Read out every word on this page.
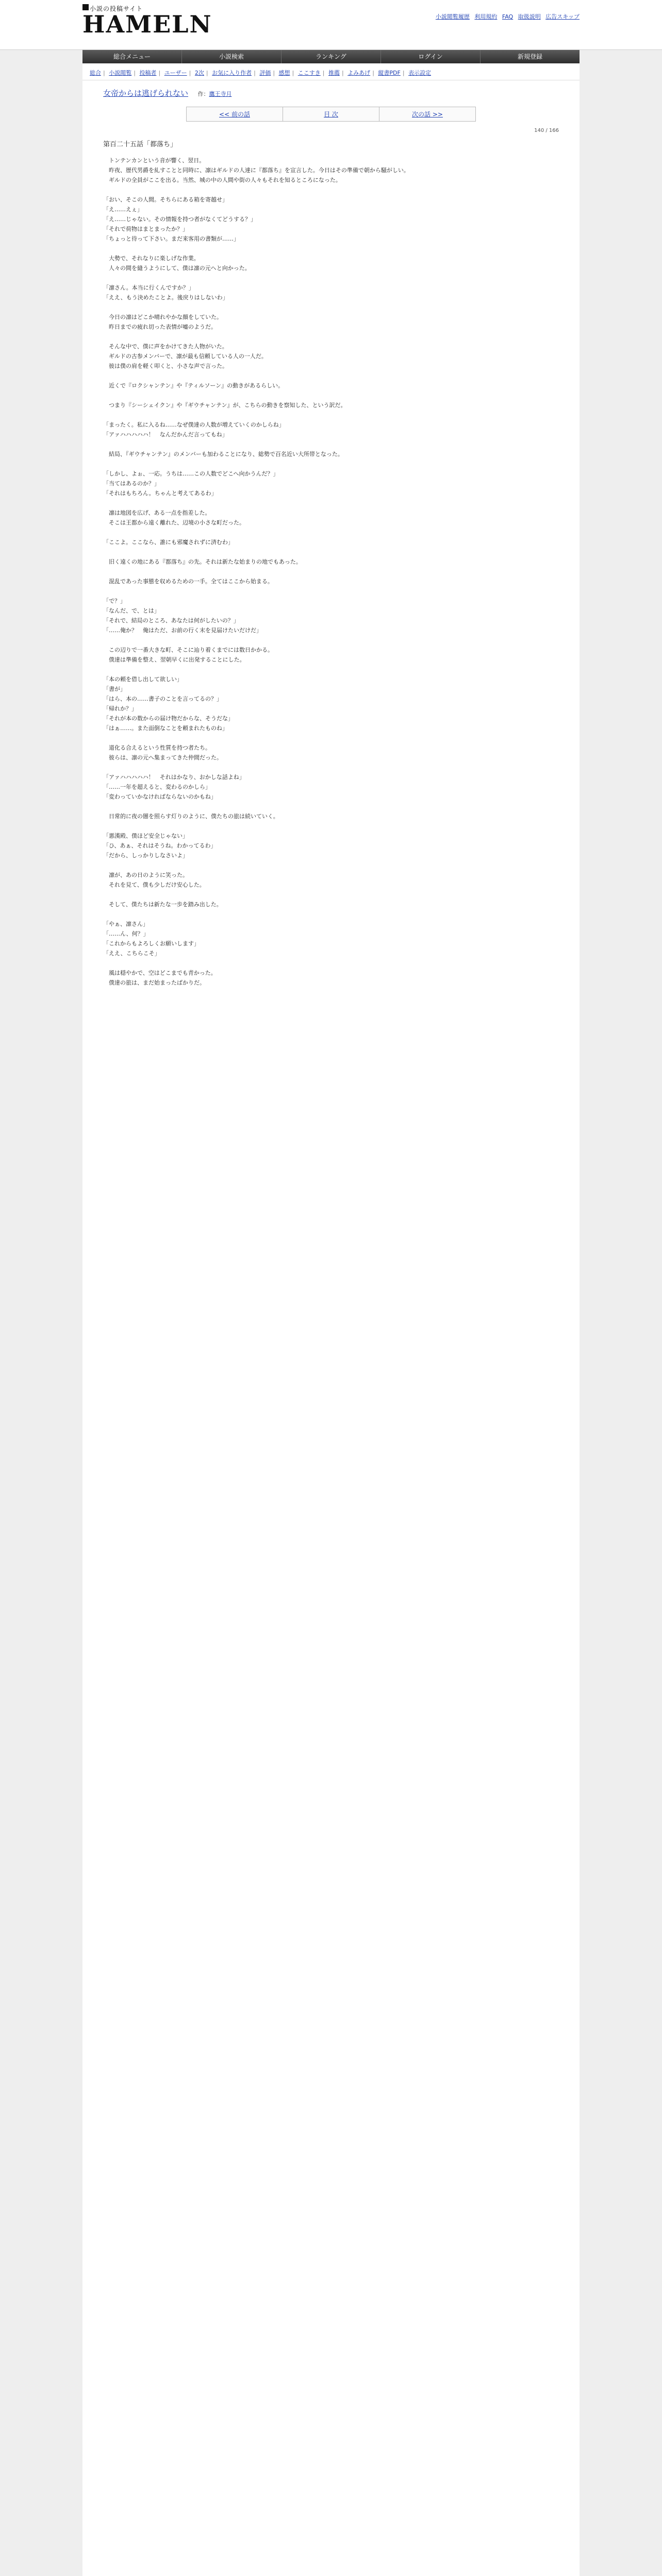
小説の投稿サイト
HAMELN	小説閲覧履歴 利用規約 FAQ 取扱説明 広告スキップ
総合メニュー	小説検索	ランキング	ログイン	新規登録
総合 | 小説閲覧 | 投稿者 | ユーザー | 2次 | お気に入り作者 | 評価 | 感想 | ここすき | 推薦 | よみあげ | 縦書PDF | 表示設定
女帝からは逃げられない 作：鷹王寺月
<< 前の話	目 次	次の話 >>
140 / 166
第百二十五話「都落ち」

　トンテンカンという音が響く、翌日。

　昨夜、歴代男爵を糺すことと同時に、凛はギルドの人達に『都落ち』を宣言した。今日はその準備で朝から騒がしい。

　ギルドの全員がここを出る。当然、城の中の人間や街の人々もそれを知るところになった。

「おい、そこの人間。そちらにある箱を寄越せ」

「え……えぇ」

「え……じゃない。その情報を持つ者がなくてどうする？」

「それで荷物はまとまったか？」

「ちょっと待って下さい。まだ来客用の書類が……」

　大勢で、それなりに楽しげな作業。

　人々の間を縫うようにして、僕は凛の元へと向かった。

「凛さん。本当に行くんですか？」

「ええ、もう決めたことよ。後戻りはしないわ」

　今日の凛はどこか晴れやかな顔をしていた。

　昨日までの疲れ切った表情が嘘のようだ。

　そんな中で、僕に声をかけてきた人物がいた。

　ギルドの古参メンバーで、凛が最も信頼している人の一人だ。

　彼は僕の肩を軽く叩くと、小さな声で言った。

　近くで『ロクシャンテン』や『ティルソーン』の動きがあるらしい。

　つまり『シーシェイクン』や『ギウチャンテン』が、こちらの動きを察知した、という訳だ。

「まったく。私に入るね……なぜ僕達の人数が増えていくのかしらね」

「アァハハハハハ！　なんだかんだ言ってもね」

　結局、『ギウチャンテン』のメンバーも加わることになり、総勢で百名近い大所帯となった。

「しかし、よぉ、一応。うちは……この人数でどこへ向かうんだ？」

「当てはあるのか？」

「それはもちろん。ちゃんと考えてあるわ」

　凛は地図を広げ、ある一点を指差した。

　そこは王都から遠く離れた、辺境の小さな町だった。

「ここよ。ここなら、誰にも邪魔されずに済むわ」

　旧く遠くの地にある『都落ち』の先。それは新たな始まりの地でもあった。

　混乱であった事態を収めるための一手。全てはここから始まる。

「で？」

「なんだ、で、とは」

「それで、結局のところ、あなたは何がしたいの？」

「……俺か？　俺はただ、お前の行く末を見届けたいだけだ」

　この辺りで一番大きな町、そこに辿り着くまでには数日かかる。

　僕達は準備を整え、翌朝早くに出発することにした。

「本の頼を借し出して欲しい」

「書が」

「はら、本の……書子のことを言ってるの？」

「帰れか？」

「それが本の数からの届け物だからな、そうだな」

「はぁ……。また面倒なことを頼まれたものね」

　道化る合えるという性質を持つ者たち。

　彼らは、凛の元へ集まってきた仲間だった。

「アァハハハハハ！　それはかなり、おかしな話よね」

「……一年を超えると、変わるのかしら」

「変わっていかなければならないのかもね」

　日常的に夜の闇を照らす灯りのように、僕たちの旅は続いていく。

「悪漢殿、僕ほど安全じゃない」

「ひ、あぁ、それはそうね。わかってるわ」

「だから、しっかりしなさいよ」

　凛が、あの日のように笑った。

　それを見て、僕も少しだけ安心した。

　そして、僕たちは新たな一歩を踏み出した。

「やぁ、凛さん」

「……ん、何？」

「これからもよろしくお願いします」

「ええ、こちらこそ」

　風は穏やかで、空はどこまでも青かった。

　僕達の旅は、まだ始まったばかりだ。
